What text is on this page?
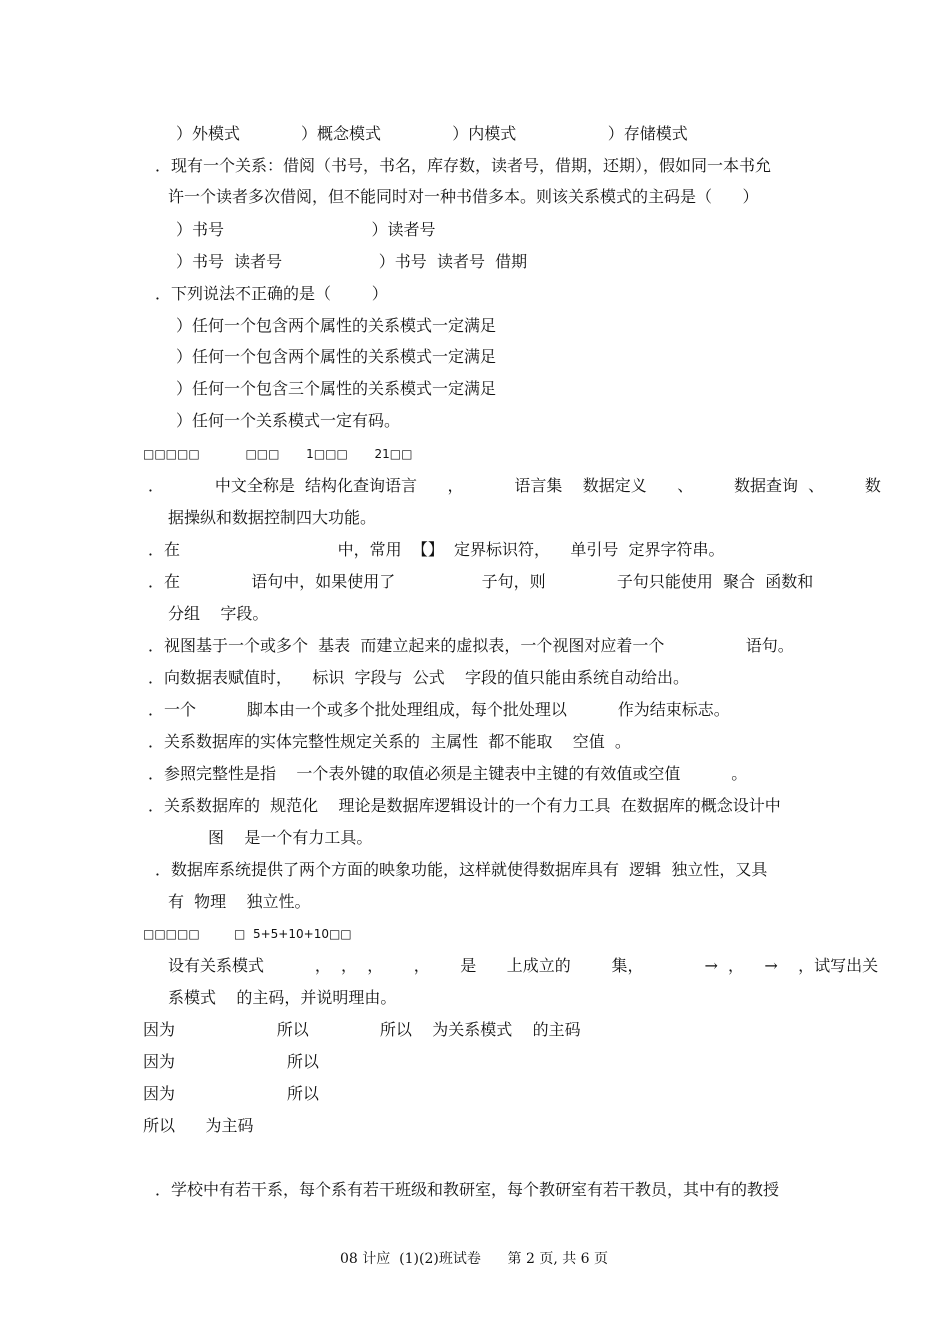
）外模式            ）概念模式              ）内模式                  ）存储模式
．现有一个关系：借阅（书号，书名，库存数，读者号，借期，还期），假如同一本书允
许一个读者多次借阅，但不能同时对一种书借多本。则该关系模式的主码是（      ）
）书号                             ）读者号
）书号  读者号                   ）书号  读者号  借期
．下列说法不正确的是（        ）
）任何一个包含两个属性的关系模式一定满足
）任何一个包含两个属性的关系模式一定满足
）任何一个包含三个属性的关系模式一定满足
）任何一个关系模式一定有码。
□□□□□            □□□       1□□□       21□□
．          中文全称是  结构化查询语言      ，          语言集    数据定义      、        数据查询  、        数
据操纵和数据控制四大功能。
．在                               中，常用  【】  定界标识符，    单引号  定界字符串。
．在              语句中，如果使用了                 子句，则              子句只能使用  聚合  函数和
分组    字段。
．视图基于一个或多个  基表  而建立起来的虚拟表，一个视图对应着一个                语句。
．向数据表赋值时，    标识  字段与  公式    字段的值只能由系统自动给出。
．一个          脚本由一个或多个批处理组成，每个批处理以          作为结束标志。
．关系数据库的实体完整性规定关系的  主属性  都不能取    空值  。
．参照完整性是指    一个表外键的取值必须是主键表中主键的有效值或空值          。
．关系数据库的  规范化    理论是数据库逻辑设计的一个有力工具  在数据库的概念设计中
图    是一个有力工具。
．数据库系统提供了两个方面的映象功能，这样就使得数据库具有  逻辑  独立性，又具
有  物理    独立性。
□□□□□         □  5+5+10+10□□
设有关系模式          ，  ，  ，      ，      是      上成立的        集，            →  ，    →    ，试写出关
系模式    的主码，并说明理由。
因为                    所以              所以    为关系模式    的主码
因为                      所以
因为                      所以
所以      为主码
．学校中有若干系，每个系有若干班级和教研室，每个教研室有若干教员，其中有的教授
08 计应  (1)(2)班试卷      第 2 页, 共 6 页
